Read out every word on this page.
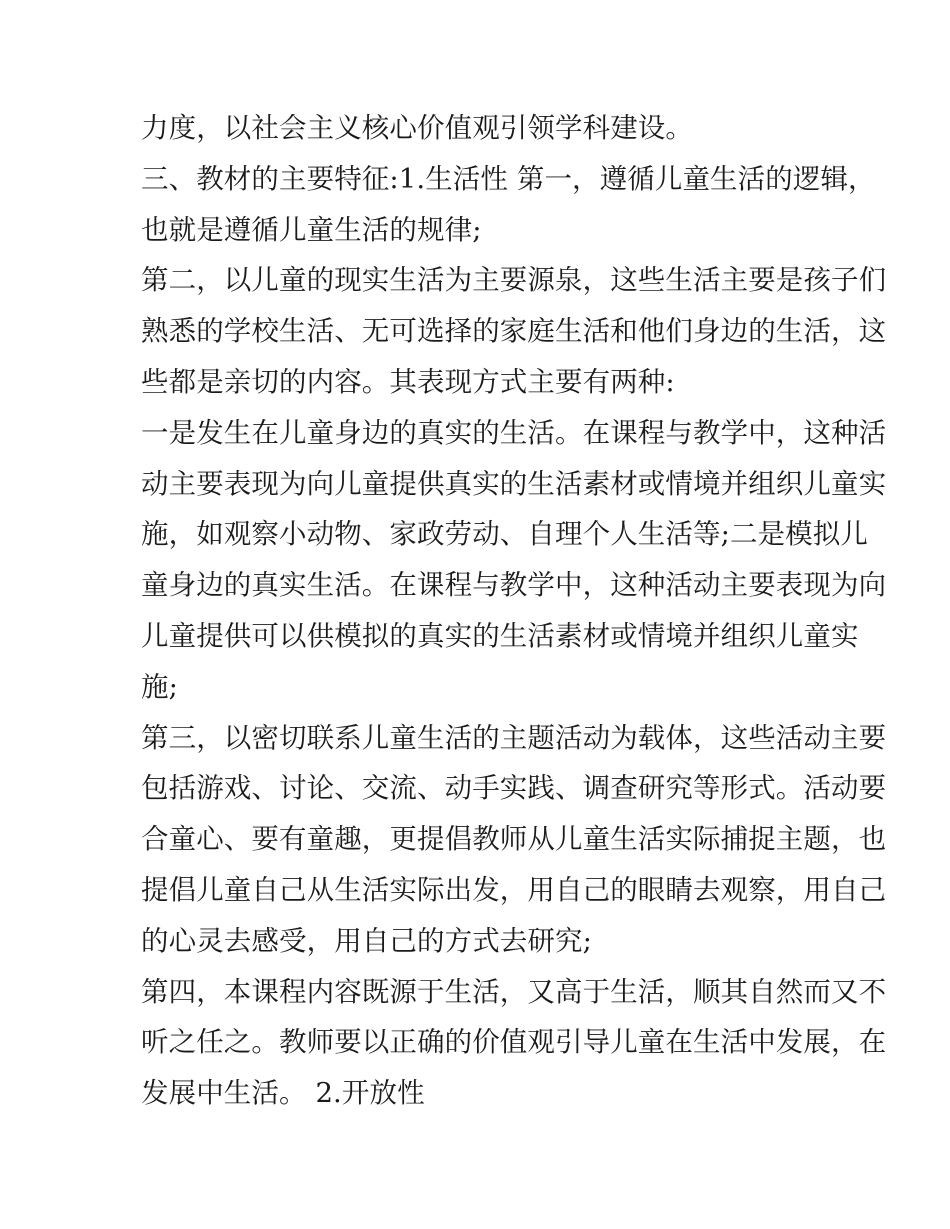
力度，以社会主义核心价值观引领学科建设。
三、教材的主要特征:1.生活性 第一，遵循儿童生活的逻辑，
也就是遵循儿童生活的规律;
第二，以儿童的现实生活为主要源泉，这些生活主要是孩子们
熟悉的学校生活、无可选择的家庭生活和他们身边的生活，这
些都是亲切的内容。其表现方式主要有两种:
一是发生在儿童身边的真实的生活。在课程与教学中，这种活
动主要表现为向儿童提供真实的生活素材或情境并组织儿童实
施，如观察小动物、家政劳动、自理个人生活等;二是模拟儿
童身边的真实生活。在课程与教学中，这种活动主要表现为向
儿童提供可以供模拟的真实的生活素材或情境并组织儿童实
施;
第三，以密切联系儿童生活的主题活动为载体，这些活动主要
包括游戏、讨论、交流、动手实践、调查研究等形式。活动要
合童心、要有童趣，更提倡教师从儿童生活实际捕捉主题，也
提倡儿童自己从生活实际出发，用自己的眼睛去观察，用自己
的心灵去感受，用自己的方式去研究;
第四，本课程内容既源于生活，又高于生活，顺其自然而又不
听之任之。教师要以正确的价值观引导儿童在生活中发展，在
发展中生活。 2.开放性
